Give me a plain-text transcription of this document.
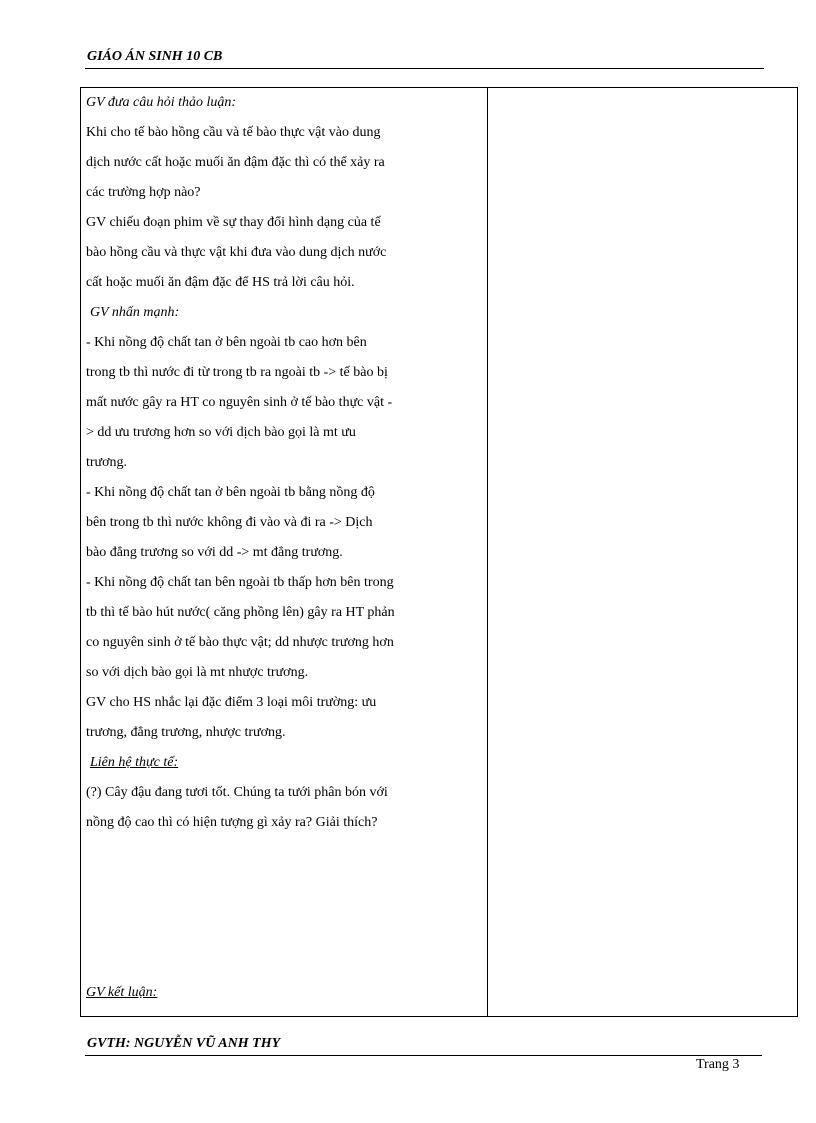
GIÁO ÁN SINH 10 CB
GV đưa câu hỏi thảo luận:
Khi cho tế bào hồng cầu và tế bào thực vật vào dung
dịch nước cất hoặc muối ăn đậm đặc thì có thể xảy ra
các trường hợp nào?
GV chiếu đoạn phim về sự thay đổi hình dạng của tế
bào hồng cầu và thực vật khi đưa vào dung dịch nước
cất hoặc muối ăn đậm đặc để HS trả lời câu hỏi.
GV nhấn mạnh:
- Khi nồng độ chất tan ở bên ngoài tb cao hơn bên
trong tb thì nước đi từ trong tb ra ngoài tb -> tế bào bị
mất nước gây ra HT co nguyên sinh ở tế bào thực vật -
> dd ưu trương hơn so với dịch bào gọi là mt ưu
trương.
- Khi nồng độ chất tan ở bên ngoài tb bằng nồng độ
bên trong tb thì nước không đi vào và đi ra -> Dịch
bào đẳng trương so với dd -> mt đẳng trương.
- Khi nồng độ chất tan bên ngoài tb thấp hơn bên trong
tb thì tế bào hút nước( căng phồng lên) gây ra HT phản
co nguyên sinh ở tế bào thực vật; dd nhược trương hơn
so với dịch bào gọi là mt nhược trương.
GV cho HS nhắc lại đặc điểm 3 loại môi trường: ưu
trương, đẳng trương, nhược trương.
Liên hệ thực tế:
(?) Cây đậu đang tươi tốt. Chúng ta tưới phân bón với
nồng độ cao thì có hiện tượng gì xảy ra? Giải thích?
GV kết luận:
GVTH: NGUYỄN VŨ ANH THY
Trang 3
